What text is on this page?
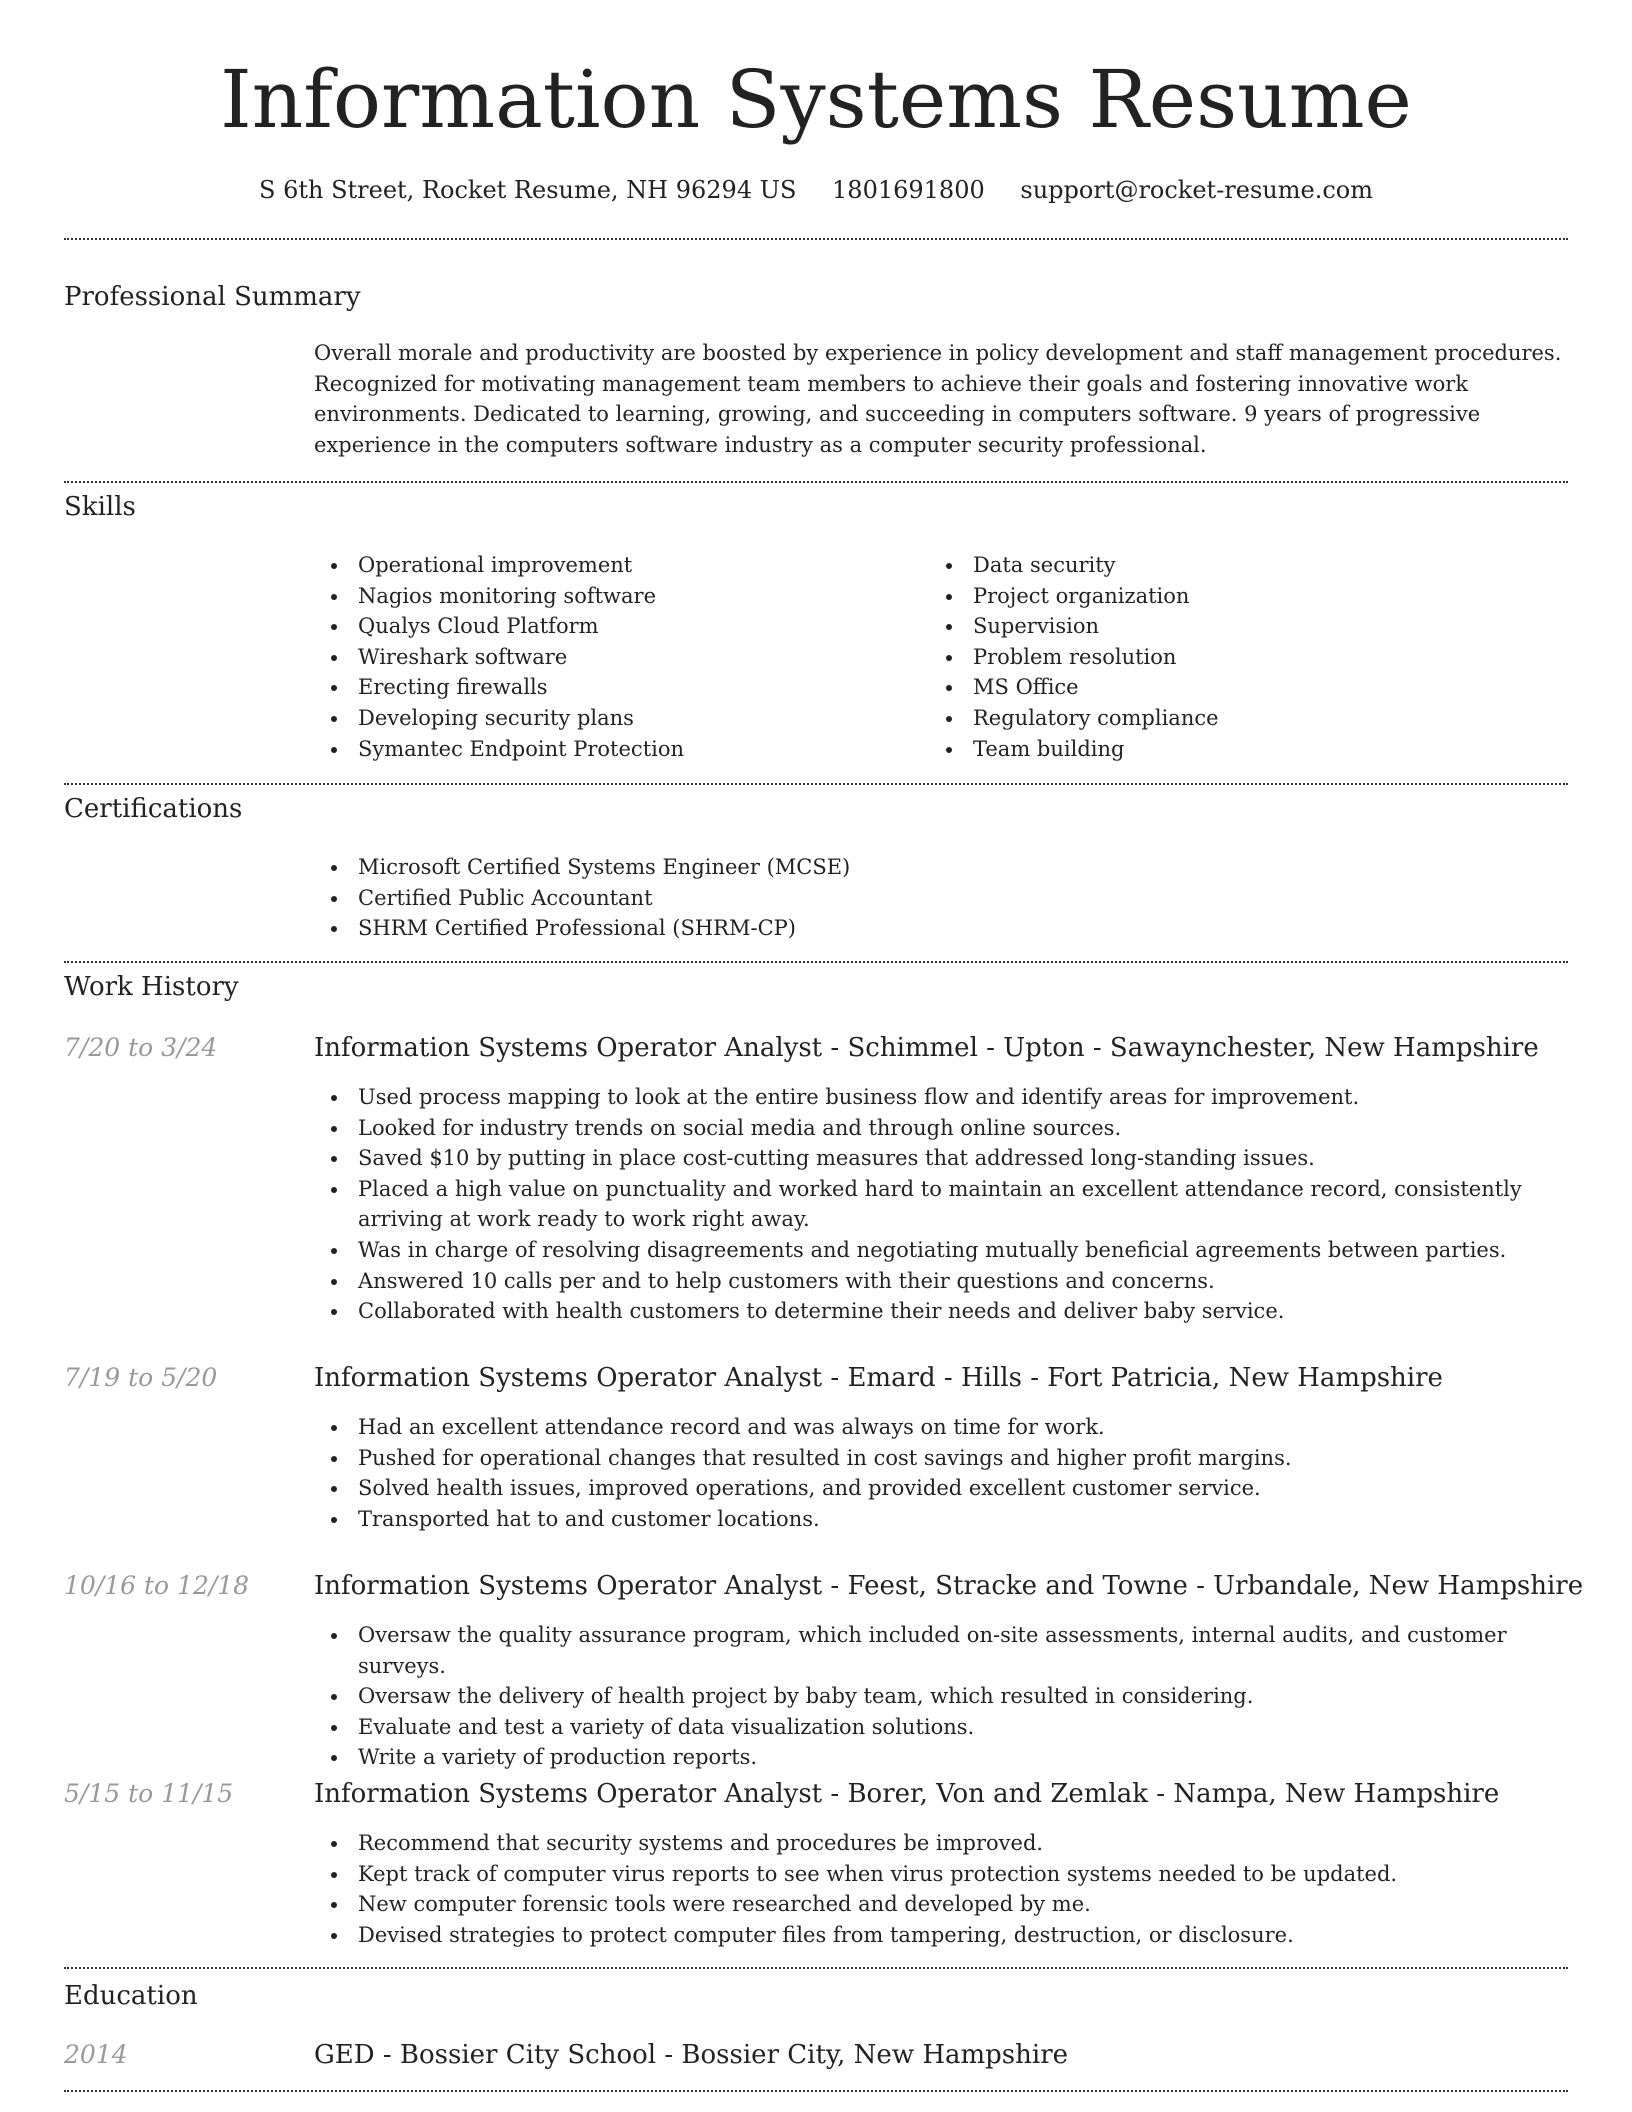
Information Systems Resume
S 6th Street, Rocket Resume, NH 96294 US 1801691800 support@rocket-resume.com
Professional Summary

Overall morale and productivity are boosted by experience in policy development and staff management procedures. Recognized for motivating management team members to achieve their goals and fostering innovative work environments. Dedicated to learning, growing, and succeeding in computers software. 9 years of progressive experience in the computers software industry as a computer security professional.

Skills
Operational improvement
Nagios monitoring software
Qualys Cloud Platform
Wireshark software
Erecting firewalls
Developing security plans
Symantec Endpoint Protection
Data security
Project organization
Supervision
Problem resolution
MS Office
Regulatory compliance
Team building
Certifications
Microsoft Certified Systems Engineer (MCSE)
Certified Public Accountant
SHRM Certified Professional (SHRM-CP)
Work History
7/20 to 3/24	Information Systems Operator Analyst - Schimmel - Upton - Sawaynchester, New Hampshire
Used process mapping to look at the entire business flow and identify areas for improvement.
Looked for industry trends on social media and through online sources.
Saved $10 by putting in place cost-cutting measures that addressed long-standing issues.
Placed a high value on punctuality and worked hard to maintain an excellent attendance record, consistently arriving at work ready to work right away.
Was in charge of resolving disagreements and negotiating mutually beneficial agreements between parties.
Answered 10 calls per and to help customers with their questions and concerns.
Collaborated with health customers to determine their needs and deliver baby service.
7/19 to 5/20	Information Systems Operator Analyst - Emard - Hills - Fort Patricia, New Hampshire
Had an excellent attendance record and was always on time for work.
Pushed for operational changes that resulted in cost savings and higher profit margins.
Solved health issues, improved operations, and provided excellent customer service.
Transported hat to and customer locations.
10/16 to 12/18 Information Systems Operator Analyst - Feest, Stracke and Towne - Urbandale, New Hampshire
Oversaw the quality assurance program, which included on-site assessments, internal audits, and customer surveys.
Oversaw the delivery of health project by baby team, which resulted in considering.
Evaluate and test a variety of data visualization solutions.
Write a variety of production reports.
5/15 to 11/15	Information Systems Operator Analyst - Borer, Von and Zemlak - Nampa, New Hampshire
Recommend that security systems and procedures be improved.
Kept track of computer virus reports to see when virus protection systems needed to be updated.
New computer forensic tools were researched and developed by me.
Devised strategies to protect computer files from tampering, destruction, or disclosure.
Education
2014	GED - Bossier City School - Bossier City, New Hampshire
